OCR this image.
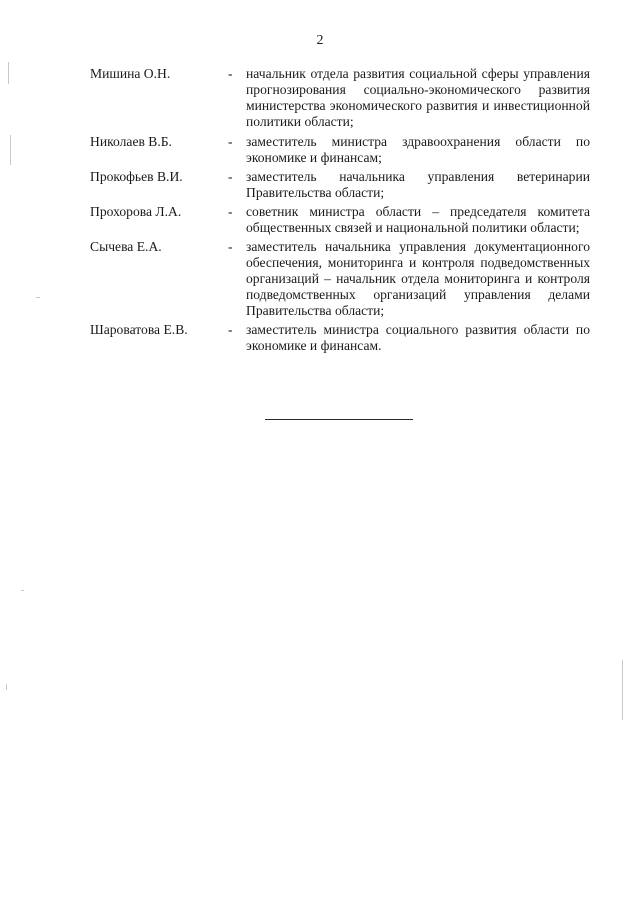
2
Мишина О.Н.	- начальник отдела развития социальной сферы управления прогнозирования социально-экономического развития министерства экономического развития и инвестиционной политики области;
Николаев В.Б.	- заместитель министра здравоохранения области по экономике и финансам;
Прокофьев В.И.	- заместитель начальника управления ветеринарии Правительства области;
Прохорова Л.А.	- советник министра области – председателя комитета общественных связей и национальной политики области;
Сычева Е.А.	- заместитель начальника управления документационного обеспечения, мониторинга и контроля подведомственных организаций – начальник отдела мониторинга и контроля подведомственных организаций управления делами Правительства области;
Шароватова Е.В.	- заместитель министра социального развития области по экономике и финансам.
